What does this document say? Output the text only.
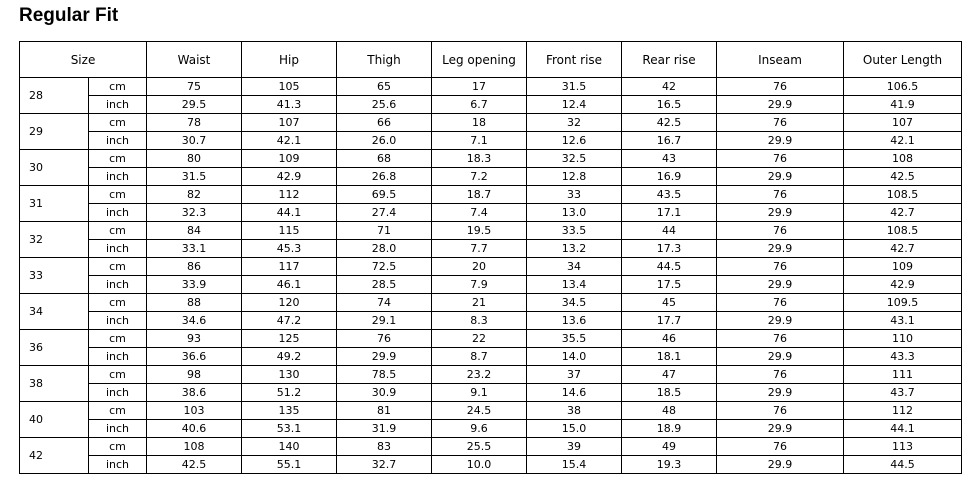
Regular Fit
Size		Waist	Hip	Thigh	Leg opening	Front rise	Rear rise	Inseam	Outer Length
28	cm	75	105	65	17	31.5	42	76	106.5
	inch	29.5	41.3	25.6	6.7	12.4	16.5	29.9	41.9
29	cm	78	107	66	18	32	42.5	76	107
	inch	30.7	42.1	26.0	7.1	12.6	16.7	29.9	42.1
30	cm	80	109	68	18.3	32.5	43	76	108
	inch	31.5	42.9	26.8	7.2	12.8	16.9	29.9	42.5
31	cm	82	112	69.5	18.7	33	43.5	76	108.5
	inch	32.3	44.1	27.4	7.4	13.0	17.1	29.9	42.7
32	cm	84	115	71	19.5	33.5	44	76	108.5
	inch	33.1	45.3	28.0	7.7	13.2	17.3	29.9	42.7
33	cm	86	117	72.5	20	34	44.5	76	109
	inch	33.9	46.1	28.5	7.9	13.4	17.5	29.9	42.9
34	cm	88	120	74	21	34.5	45	76	109.5
	inch	34.6	47.2	29.1	8.3	13.6	17.7	29.9	43.1
36	cm	93	125	76	22	35.5	46	76	110
	inch	36.6	49.2	29.9	8.7	14.0	18.1	29.9	43.3
38	cm	98	130	78.5	23.2	37	47	76	111
	inch	38.6	51.2	30.9	9.1	14.6	18.5	29.9	43.7
40	cm	103	135	81	24.5	38	48	76	112
	inch	40.6	53.1	31.9	9.6	15.0	18.9	29.9	44.1
42	cm	108	140	83	25.5	39	49	76	113
	inch	42.5	55.1	32.7	10.0	15.4	19.3	29.9	44.5
